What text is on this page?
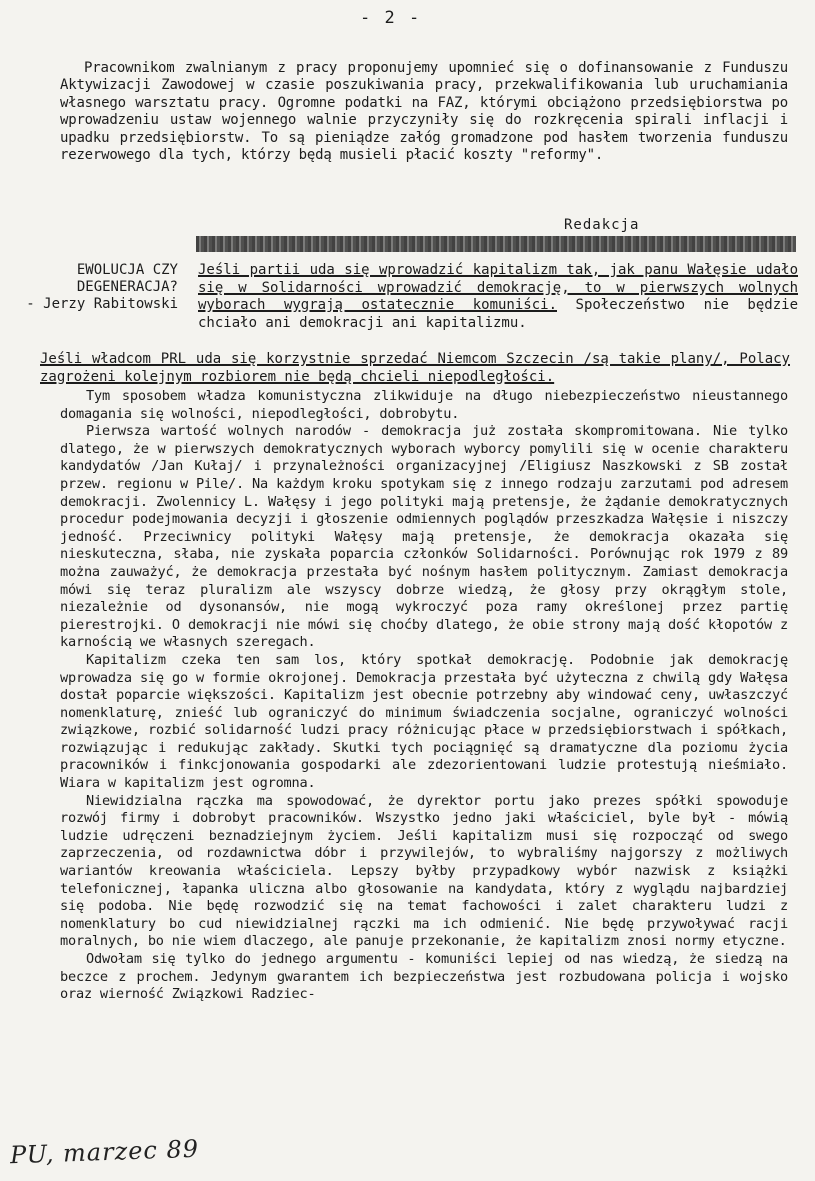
- 2 -

Pracownikom zwalnianym z pracy proponujemy upomnieć się o dofinansowanie z Funduszu Aktywizacji Zawodowej w czasie poszukiwania pracy, przekwalifikowania lub uruchamiania własnego warsztatu pracy. Ogromne podatki na FAZ, którymi obciążono przedsiębiorstwa po wprowadzeniu ustaw wojennego walnie przyczyniły się do rozkręcenia spirali inflacji i upadku przedsiębiorstw. To są pieniądze załóg gromadzone pod hasłem tworzenia funduszu rezerwowego dla tych, którzy będą musieli płacić koszty "reformy".

Redakcja
EWOLUCJA CZY DEGENERACJA?
- Jerzy Rabitowski
Jeśli partii uda się wprowadzić kapitalizm tak, jak panu Wałęsie udało się w Solidarności wprowadzić demokrację, to w pierwszych wolnych wyborach wygrają ostatecznie komuniści. Społeczeństwo nie będzie chciało ani demokracji ani kapitalizmu.
Jeśli władcom PRL uda się korzystnie sprzedać Niemcom Szczecin /są takie plany/, Polacy zagrożeni kolejnym rozbiorem nie będą chcieli niepodległości.

Tym sposobem władza komunistyczna zlikwiduje na długo niebezpieczeństwo nieustannego domagania się wolności, niepodległości, dobrobytu.

Pierwsza wartość wolnych narodów - demokracja już została skompromitowana. Nie tylko dlatego, że w pierwszych demokratycznych wyborach wyborcy pomylili się w ocenie charakteru kandydatów /Jan Kułaj/ i przynależności organizacyjnej /Eligiusz Naszkowski z SB został przew. regionu w Pile/. Na każdym kroku spotykam się z innego rodzaju zarzutami pod adresem demokracji. Zwolennicy L. Wałęsy i jego polityki mają pretensje, że żądanie demokratycznych procedur podejmowania decyzji i głoszenie odmiennych poglądów przeszkadza Wałęsie i niszczy jedność. Przeciwnicy polityki Wałęsy mają pretensje, że demokracja okazała się nieskuteczna, słaba, nie zyskała poparcia członków Solidarności. Porównując rok 1979 z 89 można zauważyć, że demokracja przestała być nośnym hasłem politycznym. Zamiast demokracja mówi się teraz pluralizm ale wszyscy dobrze wiedzą, że głosy przy okrągłym stole, niezależnie od dysonansów, nie mogą wykroczyć poza ramy określonej przez partię pierestrojki. O demokracji nie mówi się choćby dlatego, że obie strony mają dość kłopotów z karnością we własnych szeregach.

Kapitalizm czeka ten sam los, który spotkał demokrację. Podobnie jak demokrację wprowadza się go w formie okrojonej. Demokracja przestała być użyteczna z chwilą gdy Wałęsa dostał poparcie większości. Kapitalizm jest obecnie potrzebny aby windować ceny, uwłaszczyć nomenklaturę, znieść lub ograniczyć do minimum świadczenia socjalne, ograniczyć wolności związkowe, rozbić solidarność ludzi pracy różnicując płace w przedsiębiorstwach i spółkach, rozwiązując i redukując zakłady. Skutki tych pociągnięć są dramatyczne dla poziomu życia pracowników i finkcjonowania gospodarki ale zdezorientowani ludzie protestują nieśmiało. Wiara w kapitalizm jest ogromna.

Niewidzialna rączka ma spowodować, że dyrektor portu jako prezes spółki spowoduje rozwój firmy i dobrobyt pracowników. Wszystko jedno jaki właściciel, byle był - mówią ludzie udręczeni beznadziejnym życiem. Jeśli kapitalizm musi się rozpocząć od swego zaprzeczenia, od rozdawnictwa dóbr i przywilejów, to wybraliśmy najgorszy z możliwych wariantów kreowania właściciela. Lepszy byłby przypadkowy wybór nazwisk z książki telefonicznej, łapanka uliczna albo głosowanie na kandydata, który z wyglądu najbardziej się podoba. Nie będę rozwodzić się na temat fachowości i zalet charakteru ludzi z nomenklatury bo cud niewidzialnej rączki ma ich odmienić. Nie będę przywoływać racji moralnych, bo nie wiem dlaczego, ale panuje przekonanie, że kapitalizm znosi normy etyczne.

Odwołam się tylko do jednego argumentu - komuniści lepiej od nas wiedzą, że siedzą na beczce z prochem. Jedynym gwarantem ich bezpieczeństwa jest rozbudowana policja i wojsko oraz wierność Związkowi Radziec-

PU, marzec 89
